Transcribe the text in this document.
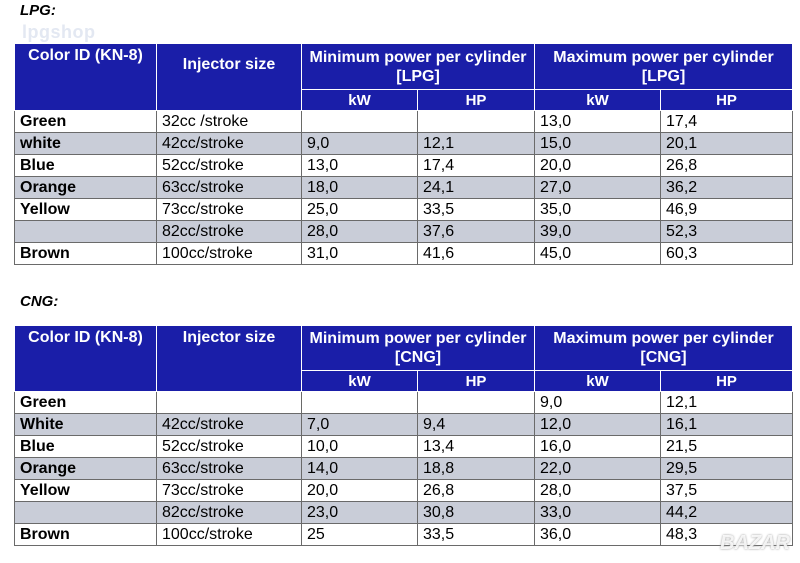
lpgshop
LPG:
Color ID (KN-8)	Injector size	Minimum power per cylinder [LPG]		Maximum power per cylinder [LPG]	
		kW	HP	kW	HP
Green	32cc /stroke			13,0	17,4
white	42cc/stroke	9,0	12,1	15,0	20,1
Blue	52cc/stroke	13,0	17,4	20,0	26,8
Orange	63cc/stroke	18,0	24,1	27,0	36,2
Yellow	73cc/stroke	25,0	33,5	35,0	46,9
	82cc/stroke	28,0	37,6	39,0	52,3
Brown	100cc/stroke	31,0	41,6	45,0	60,3
CNG:
Color ID (KN-8)	Injector size	Minimum power per cylinder [CNG]		Maximum power per cylinder [CNG]	
		kW	HP	kW	HP
Green				9,0	12,1
White	42cc/stroke	7,0	9,4	12,0	16,1
Blue	52cc/stroke	10,0	13,4	16,0	21,5
Orange	63cc/stroke	14,0	18,8	22,0	29,5
Yellow	73cc/stroke	20,0	26,8	28,0	37,5
	82cc/stroke	23,0	30,8	33,0	44,2
Brown	100cc/stroke	25	33,5	36,0	48,3 BAZAR
